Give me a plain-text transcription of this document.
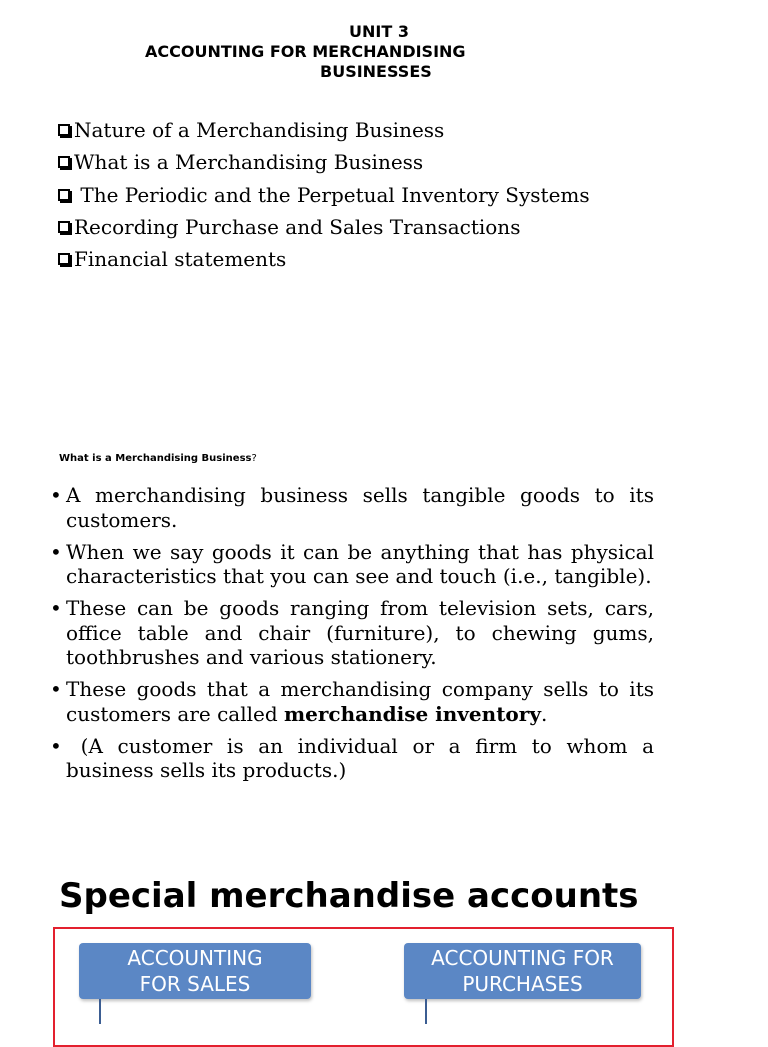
UNIT 3
ACCOUNTING FOR MERCHANDISING
BUSINESSES
Nature of a Merchandising Business
What is a Merchandising Business
The Periodic and the Perpetual Inventory Systems
Recording Purchase and Sales Transactions
Financial statements
What is a Merchandising Business?
• A merchandising business sells tangible goods to its customers.
• When we say goods it can be anything that has physical characteristics that you can see and touch (i.e., tangible).
• These can be goods ranging from television sets, cars, office table and chair (furniture), to chewing gums, toothbrushes and various stationery.
• These goods that a merchandising company sells to its customers are called merchandise inventory.
• (A customer is an individual or a firm to whom a business sells its products.)
Special merchandise accounts
ACCOUNTING
FOR SALES
ACCOUNTING FOR
PURCHASES
